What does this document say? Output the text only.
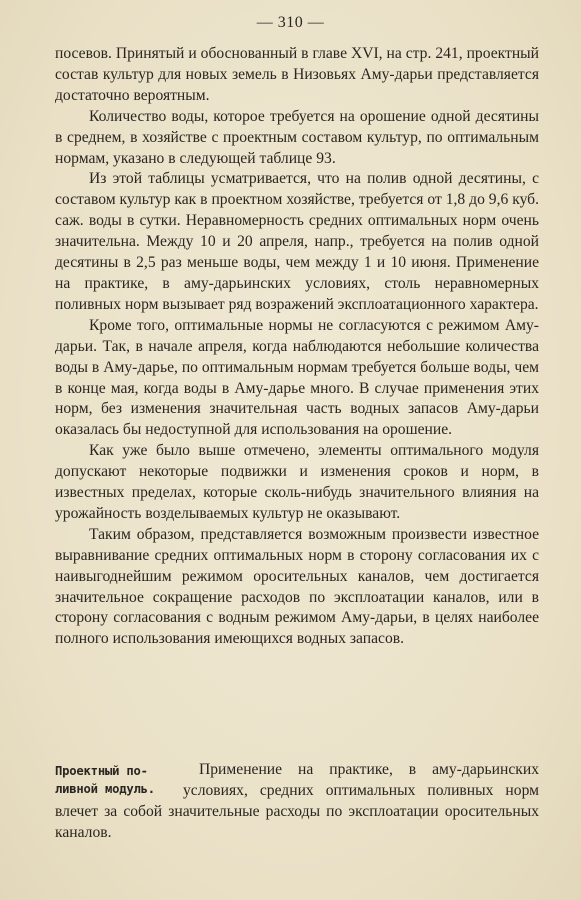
— 310 —

посевов. Принятый и обоснованный в главе XVI, на стр. 241, проектный состав культур для новых земель в Низовьях Аму-дарьи представляется достаточно вероятным.

Количество воды, которое требуется на орошение одной десятины в среднем, в хозяйстве с проектным составом культур, по оптимальным нормам, указано в следующей таблице 93.

Из этой таблицы усматривается, что на полив одной десятины, с составом культур как в проектном хозяйстве, требуется от 1,8 до 9,6 куб. саж. воды в сутки. Неравномерность средних оптимальных норм очень значительна. Между 10 и 20 апреля, напр., требуется на полив одной десятины в 2,5 раз меньше воды, чем между 1 и 10 июня. Применение на практике, в аму-дарьинских условиях, столь неравномерных поливных норм вызывает ряд возражений эксплоатационного характера.

Кроме того, оптимальные нормы не согласуются с режимом Аму-дарьи. Так, в начале апреля, когда наблюдаются небольшие количества воды в Аму-дарье, по оптимальным нормам требуется больше воды, чем в конце мая, когда воды в Аму-дарье много. В случае применения этих норм, без изменения значительная часть водных запасов Аму-дарьи оказалась бы недоступной для использования на орошение.

Как уже было выше отмечено, элементы оптимального модуля допускают некоторые подвижки и изменения сроков и норм, в известных пределах, которые сколь-нибудь значительного влияния на урожайность возделываемых культур не оказывают.

Таким образом, представляется возможным произвести известное выравнивание средних оптимальных норм в сторону согласования их с наивыгоднейшим режимом оросительных каналов, чем достигается значительное сокращение расходов по эксплоатации каналов, или в сторону согласования с водным режимом Аму-дарьи, в целях наиболее полного использования имеющихся водных запасов.

Проектный по-
ливной модуль.

Применение на практике, в аму-дарьинских условиях, средних оптимальных поливных норм влечет за собой значительные расходы по эксплоатации оросительных каналов.
